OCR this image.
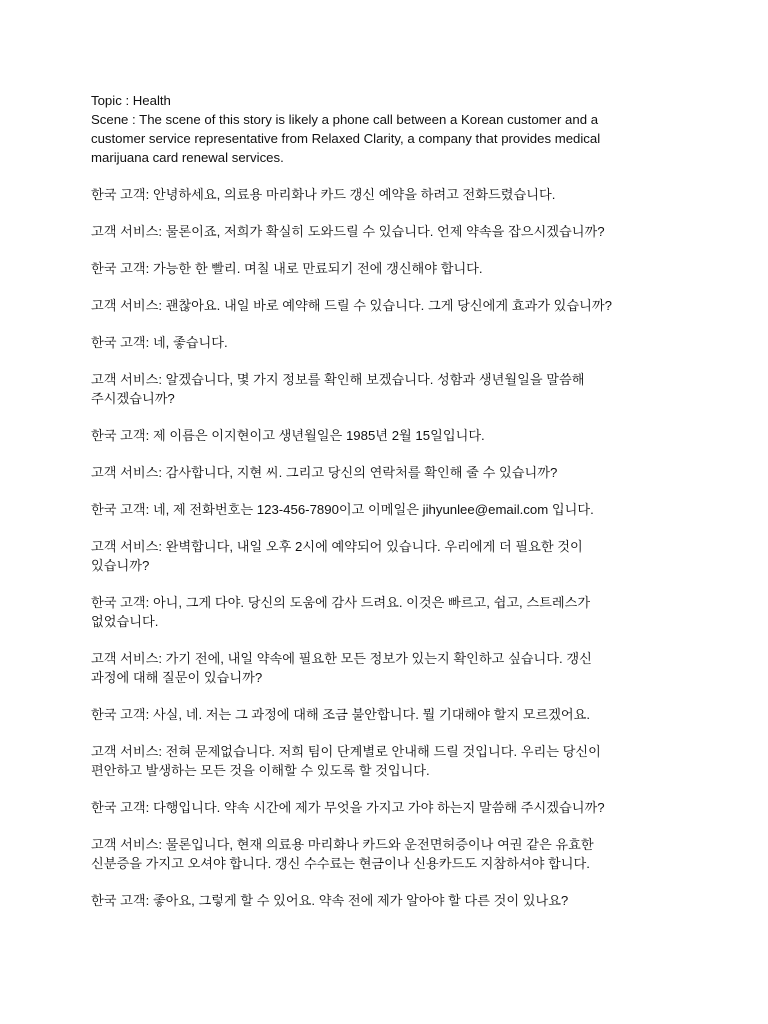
Topic : Health
Scene : The scene of this story is likely a phone call between a Korean customer and a
customer service representative from Relaxed Clarity, a company that provides medical
marijuana card renewal services.
한국 고객: 안녕하세요, 의료용 마리화나 카드 갱신 예약을 하려고 전화드렸습니다.
고객 서비스: 물론이죠, 저희가 확실히 도와드릴 수 있습니다. 언제 약속을 잡으시겠습니까?
한국 고객: 가능한 한 빨리. 며칠 내로 만료되기 전에 갱신해야 합니다.
고객 서비스: 괜찮아요. 내일 바로 예약해 드릴 수 있습니다. 그게 당신에게 효과가 있습니까?
한국 고객: 네, 좋습니다.
고객 서비스: 알겠습니다, 몇 가지 정보를 확인해 보겠습니다. 성함과 생년월일을 말씀해
주시겠습니까?
한국 고객: 제 이름은 이지현이고 생년월일은 1985년 2월 15일입니다.
고객 서비스: 감사합니다, 지현 씨. 그리고 당신의 연락처를 확인해 줄 수 있습니까?
한국 고객: 네, 제 전화번호는 123-456-7890이고 이메일은 jihyunlee@email.com 입니다.
고객 서비스: 완벽합니다, 내일 오후 2시에 예약되어 있습니다. 우리에게 더 필요한 것이
있습니까?
한국 고객: 아니, 그게 다야. 당신의 도움에 감사 드려요. 이것은 빠르고, 쉽고, 스트레스가
없었습니다.
고객 서비스: 가기 전에, 내일 약속에 필요한 모든 정보가 있는지 확인하고 싶습니다. 갱신
과정에 대해 질문이 있습니까?
한국 고객: 사실, 네. 저는 그 과정에 대해 조금 불안합니다. 뭘 기대해야 할지 모르겠어요.
고객 서비스: 전혀 문제없습니다. 저희 팀이 단계별로 안내해 드릴 것입니다. 우리는 당신이
편안하고 발생하는 모든 것을 이해할 수 있도록 할 것입니다.
한국 고객: 다행입니다. 약속 시간에 제가 무엇을 가지고 가야 하는지 말씀해 주시겠습니까?
고객 서비스: 물론입니다, 현재 의료용 마리화나 카드와 운전면허증이나 여권 같은 유효한
신분증을 가지고 오셔야 합니다. 갱신 수수료는 현금이나 신용카드도 지참하셔야 합니다.
한국 고객: 좋아요, 그렇게 할 수 있어요. 약속 전에 제가 알아야 할 다른 것이 있나요?
